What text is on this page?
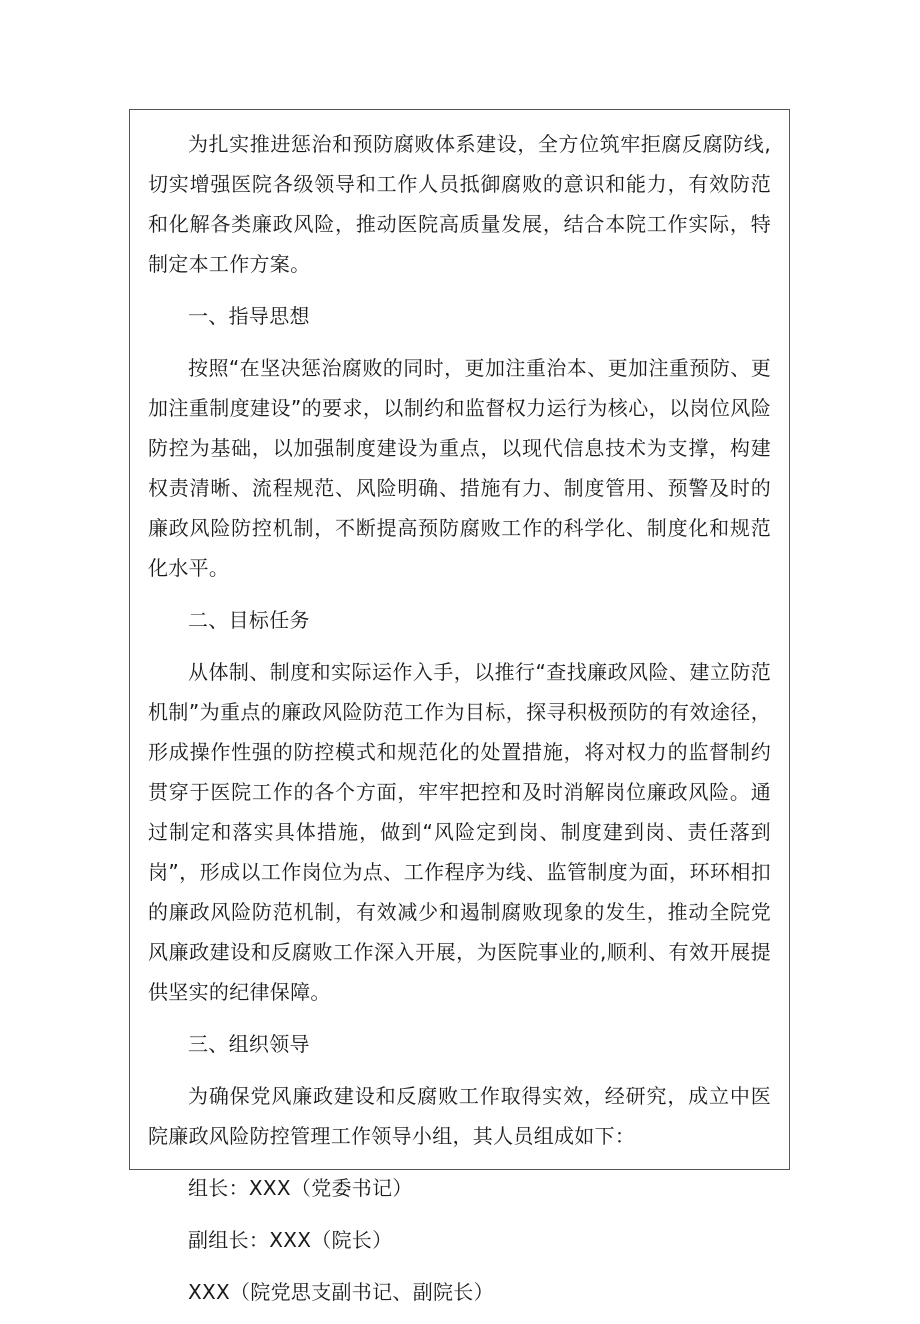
为扎实推进惩治和预防腐败体系建设，全方位筑牢拒腐反腐防线,切实增强医院各级领导和工作人员抵御腐败的意识和能力，有效防范和化解各类廉政风险，推动医院高质量发展，结合本院工作实际，特制定本工作方案。

一、指导思想

按照“在坚决惩治腐败的同时，更加注重治本、更加注重预防、更加注重制度建设”的要求，以制约和监督权力运行为核心，以岗位风险防控为基础，以加强制度建设为重点，以现代信息技术为支撑，构建权责清晰、流程规范、风险明确、措施有力、制度管用、预警及时的廉政风险防控机制，不断提高预防腐败工作的科学化、制度化和规范化水平。

二、目标任务

从体制、制度和实际运作入手，以推行“查找廉政风险、建立防范机制”为重点的廉政风险防范工作为目标，探寻积极预防的有效途径，形成操作性强的防控模式和规范化的处置措施，将对权力的监督制约贯穿于医院工作的各个方面，牢牢把控和及时消解岗位廉政风险。通过制定和落实具体措施，做到“风险定到岗、制度建到岗、责任落到岗”，形成以工作岗位为点、工作程序为线、监管制度为面，环环相扣的廉政风险防范机制，有效减少和遏制腐败现象的发生，推动全院党风廉政建设和反腐败工作深入开展，为医院事业的,顺利、有效开展提供坚实的纪律保障。

三、组织领导

为确保党风廉政建设和反腐败工作取得实效，经研究，成立中医院廉政风险防控管理工作领导小组，其人员组成如下：

组长：XXX（党委书记）

副组长：XXX（院长）

XXX（院党思支副书记、副院长）
